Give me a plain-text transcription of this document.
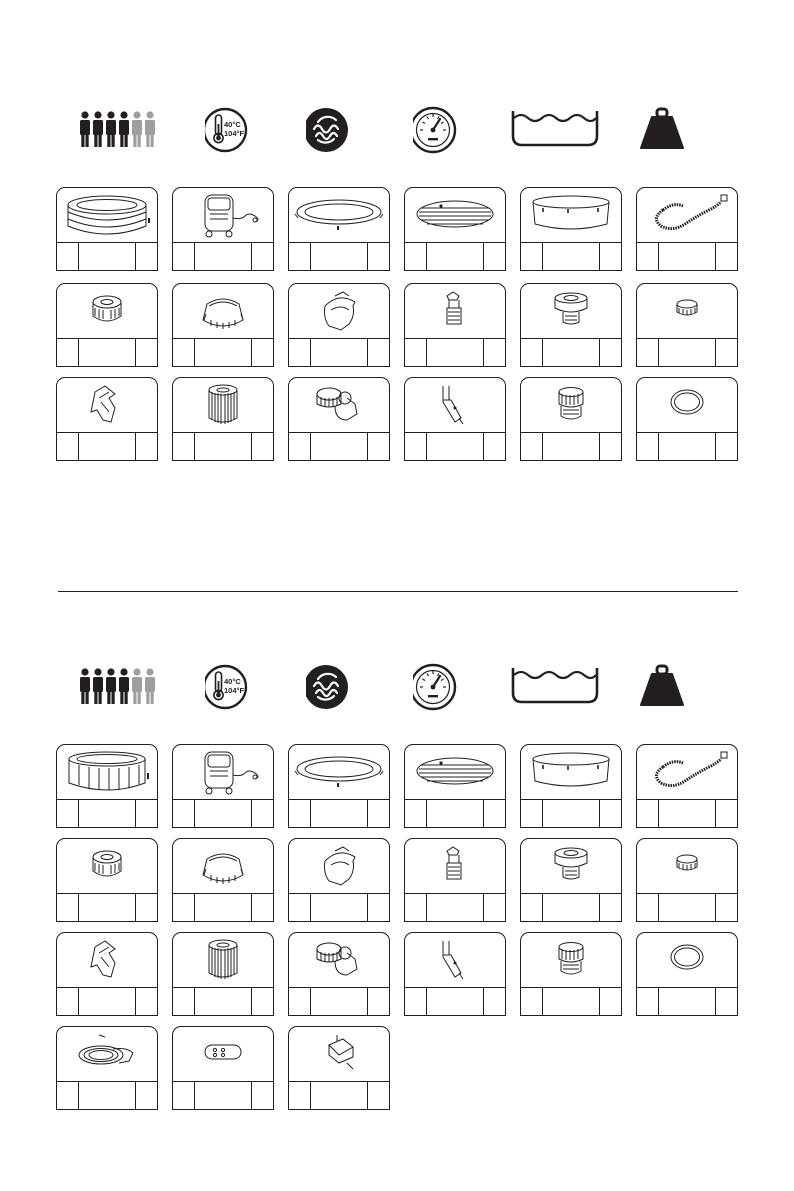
40°C
104°F
40°C
104°F
